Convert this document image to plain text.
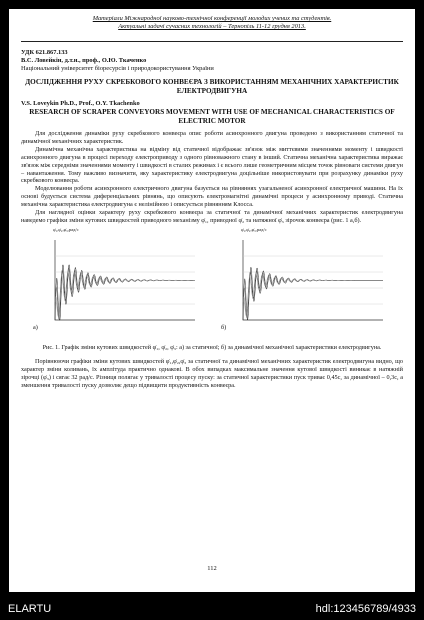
Матеріали Міжнародної науково-технічної конференції молодих учених та студентів.
Актуальні задачі сучасних технологій – Тернопіль 11-12 грудня 2013.
УДК 621.867.133
В.С. Ловейкін, д.т.н., проф., О.Ю. Ткаченко
Національний університет біоресурсів і природокористування України
ДОСЛІДЖЕННЯ РУХУ СКРЕБКОВОГО КОНВЕЄРА З ВИКОРИСТАННЯМ МЕХАНІЧНИХ ХАРАКТЕРИСТИК ЕЛЕКТРОДВИГУНА
V.S. Loveykin Ph.D., Prof., O.Y. Tkachenko
RESEARCH OF SCRAPER CONVEYORS MOVEMENT WITH USE OF MECHANICAL CHARACTERISTICS OF ELECTRIC MOTOR

Для дослідження динаміки руху скребкового конвеєра опис роботи асинхронного двигуна проведено з використанням статичної та динамічної механічних характеристик.

Динамічна механічна характеристика на відміну від статичної відображає зв'язок між миттєвими значеннями моменту і швидкості асинхронного двигуна в процесі переходу електроприводу з одного рівноважного стану в інший. Статична механічна характеристика виражає зв'язок між середніми значеннями моменту і швидкості в сталих режимах і є всього лише геометричним місцем точок рівноваги системи двигун – навантаження. Тому важливо визначити, яку характеристику електродвигуна доцільніше використовувати при розрахунку динаміки руху скребкового конвеєра.

Моделювання роботи асинхронного електричного двигуна базується на рівняннях узагальненої асинхронної електричної машини. На їх основі будується система диференціальних рівнянь, що описують електромагнітні динамічні процеси у асинхронному приводі. Статична механічна характеристика електродвигуна є нелінійною і описується рівнянням Клосса.

Для наглядної оцінки характеру руху скребкового конвеєра за статичної та динамічної механічних характеристик електродвигуна наведемо графіки зміни кутових швидкостей приводного механізму φ̇₁, приводної φ̇₂ та натяжної φ̇₃ зірочок конвеєра (рис. 1 а,б).

а)
φ̇₁,φ̇₂,φ̇₃,рад/с
б)
φ̇₁,φ̇₂,φ̇₃,рад/с

Рис. 1. Графік зміни кутових швидкостей φ̇₁, φ̇₂, φ̇₃: а) за статичної; б) за динамічної механічної характеристики електродвигуна.

Порівнюючи графіки зміни кутових швидкостей φ̇₁,φ̇₂,φ̇₃ за статичної та динамічної механічних характеристик електродвигуна видно, що характер зміни коливань, їх амплітуда практично однакові. В обох випадках максимальне значення кутової швидкості виникає в натяжній зірочці (φ̇₃) і сягає 32 рад/с. Різниця полягає у тривалості процесу пуску: за статичної характеристики пуск триває 0,45с, за динамічної – 0,3с, а зменшення тривалості пуску дозволяє дещо підвищити продуктивність конвеєра.

112
ELARTU	hdl:123456789/4933
